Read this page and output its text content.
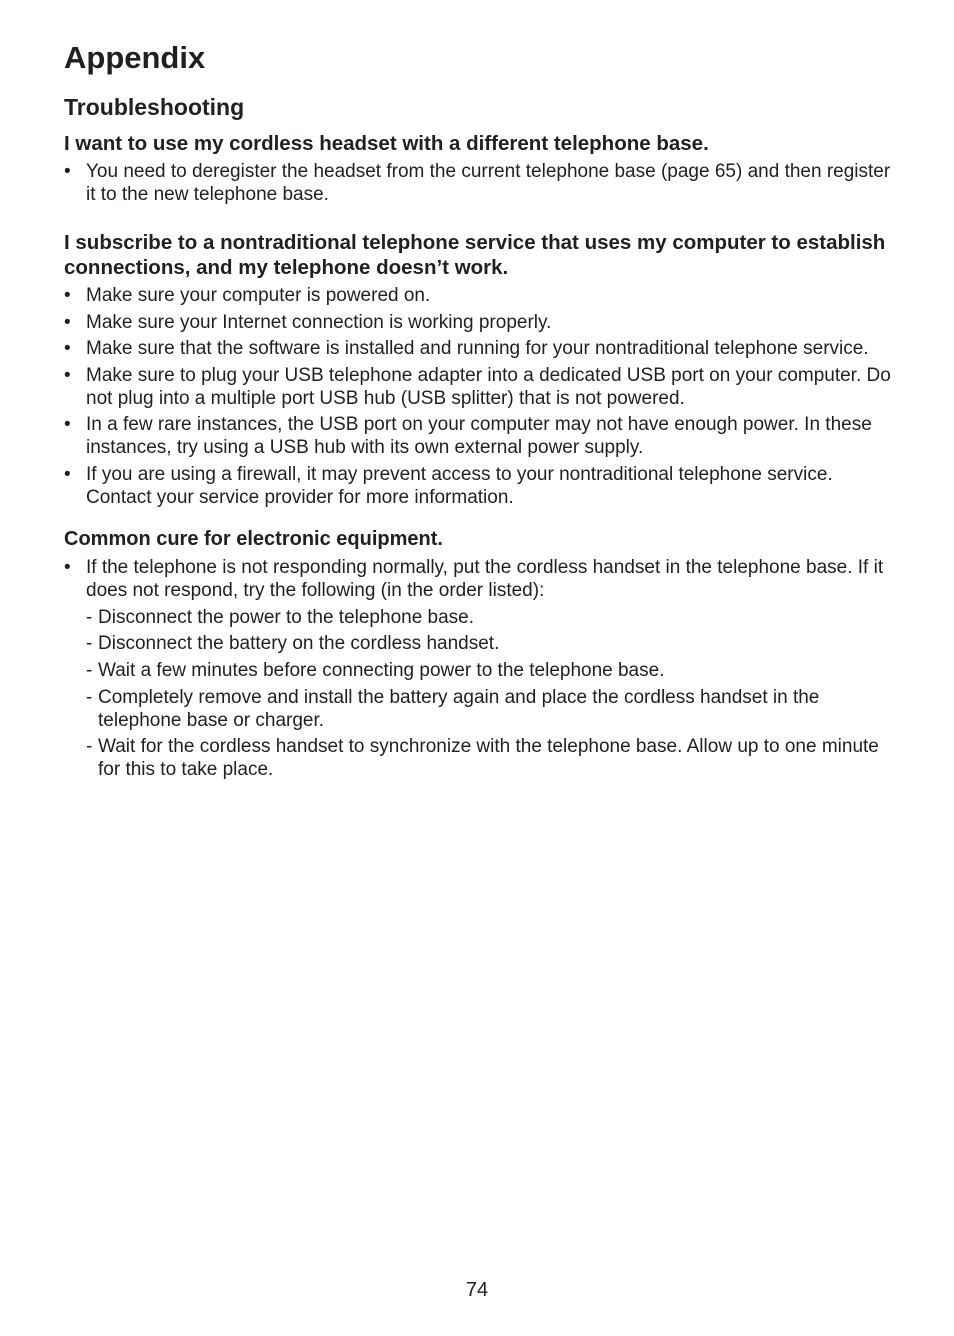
Appendix
Troubleshooting
I want to use my cordless headset with a different telephone base.
• You need to deregister the headset from the current telephone base (page 65) and then register it to the new telephone base.
I subscribe to a nontraditional telephone service that uses my computer to establish connections, and my telephone doesn’t work.
• Make sure your computer is powered on.
• Make sure your Internet connection is working properly.
• Make sure that the software is installed and running for your nontraditional telephone service.
• Make sure to plug your USB telephone adapter into a dedicated USB port on your computer. Do not plug into a multiple port USB hub (USB splitter) that is not powered.
• In a few rare instances, the USB port on your computer may not have enough power. In these instances, try using a USB hub with its own external power supply.
• If you are using a firewall, it may prevent access to your nontraditional telephone service. Contact your service provider for more information.
Common cure for electronic equipment.
• If the telephone is not responding normally, put the cordless handset in the telephone base. If it does not respond, try the following (in the order listed):
- Disconnect the power to the telephone base.
- Disconnect the battery on the cordless handset.
- Wait a few minutes before connecting power to the telephone base.
- Completely remove and install the battery again and place the cordless handset in the telephone base or charger.
- Wait for the cordless handset to synchronize with the telephone base. Allow up to one minute for this to take place.
74
